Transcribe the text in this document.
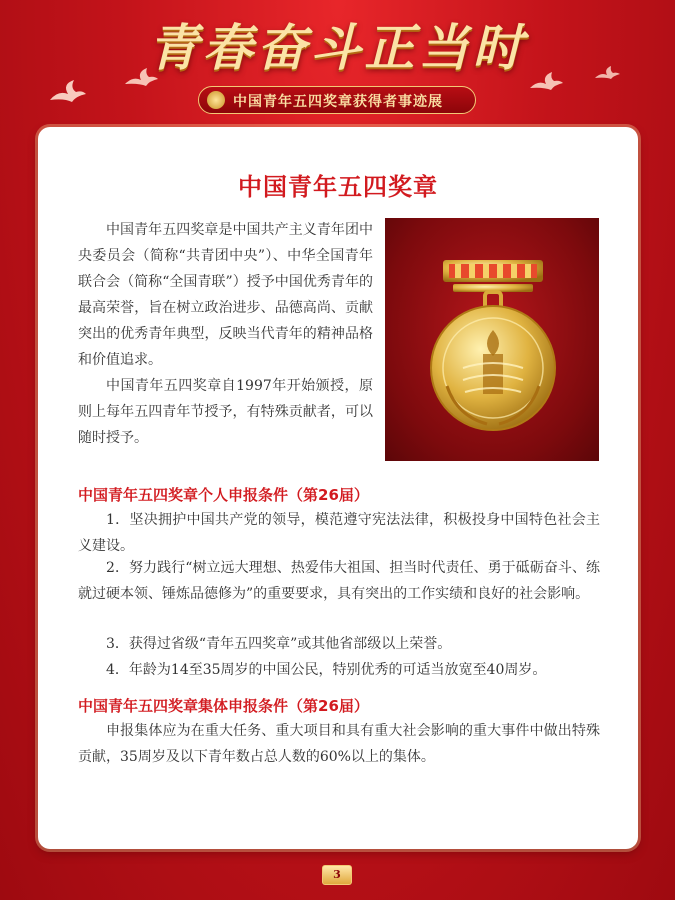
青春奋斗正当时
中国青年五四奖章获得者事迹展
中国青年五四奖章

中国青年五四奖章是中国共产主义青年团中央委员会（简称“共青团中央”）、中华全国青年联合会（简称“全国青联”）授予中国优秀青年的最高荣誉，旨在树立政治进步、品德高尚、贡献突出的优秀青年典型，反映当代青年的精神品格和价值追求。

中国青年五四奖章自1997年开始颁授，原则上每年五四青年节授予，有特殊贡献者，可以随时授予。

中国青年五四奖章个人申报条件（第26届）

1．坚决拥护中国共产党的领导，模范遵守宪法法律，积极投身中国特色社会主义建设。

2．努力践行“树立远大理想、热爱伟大祖国、担当时代责任、勇于砥砺奋斗、练就过硬本领、锤炼品德修为”的重要要求，具有突出的工作实绩和良好的社会影响。

3．获得过省级“青年五四奖章”或其他省部级以上荣誉。

4．年龄为14至35周岁的中国公民，特别优秀的可适当放宽至40周岁。

中国青年五四奖章集体申报条件（第26届）

申报集体应为在重大任务、重大项目和具有重大社会影响的重大事件中做出特殊贡献，35周岁及以下青年数占总人数的60%以上的集体。

3
